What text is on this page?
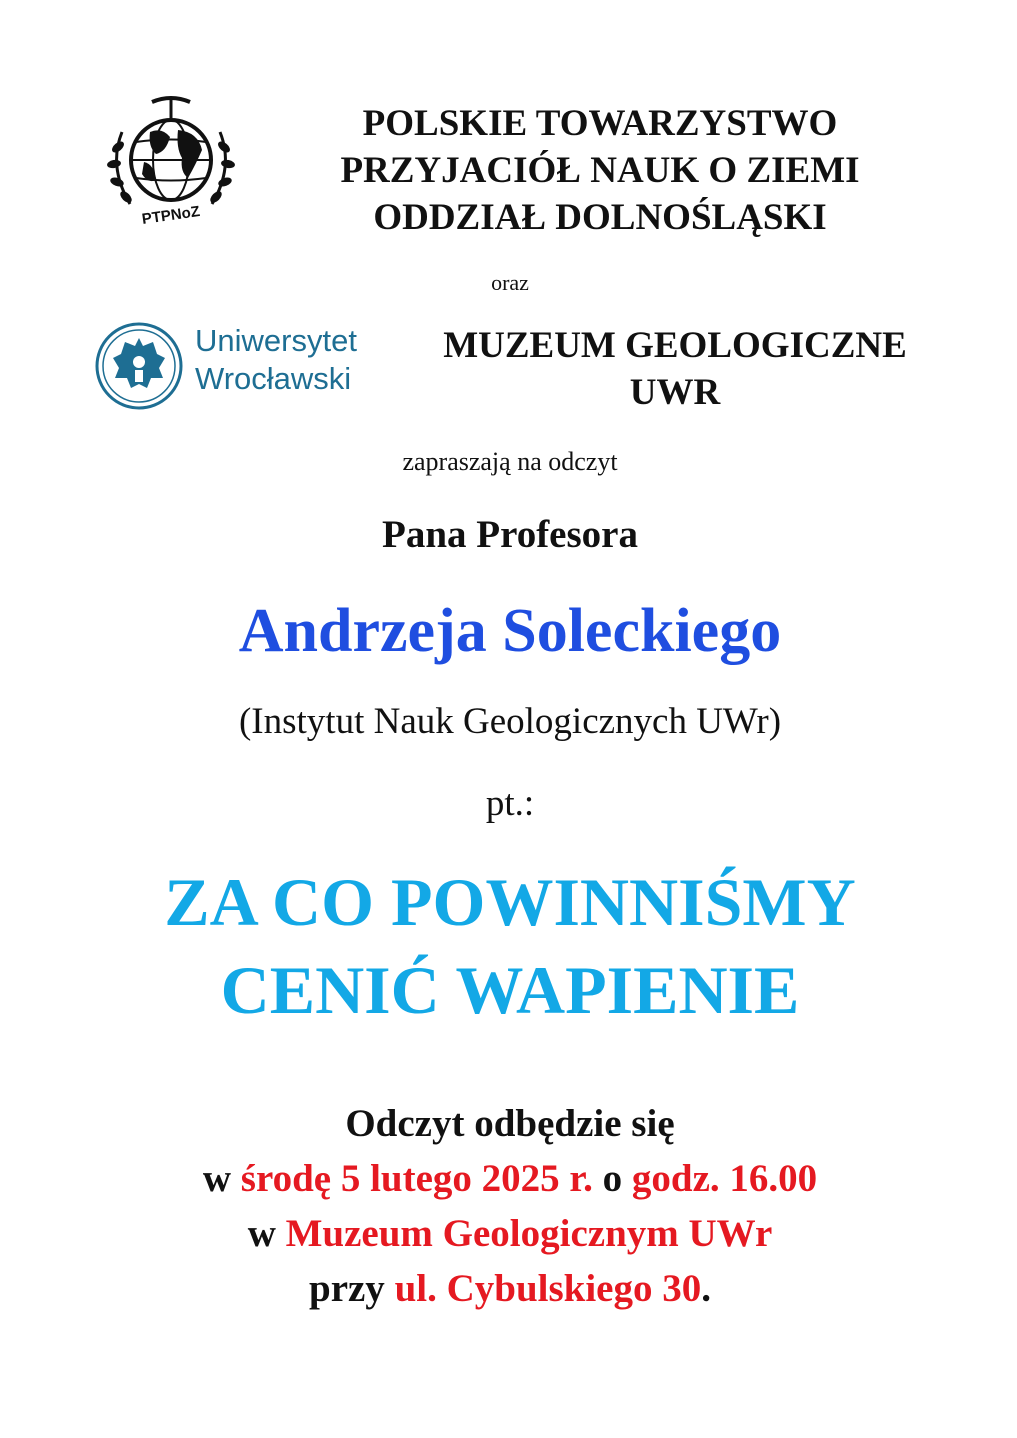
PTPNoZ
POLSKIE TOWARZYSTWO
PRZYJACIÓŁ NAUK O ZIEMI
ODDZIAŁ DOLNOŚLĄSKI
oraz
Uniwersytet
Wrocławski
MUZEUM GEOLOGICZNE
UWR
zapraszają na odczyt
Pana Profesora
Andrzeja Soleckiego
(Instytut Nauk Geologicznych UWr)
pt.:
ZA CO POWINNIŚMY
CENIĆ WAPIENIE
Odczyt odbędzie się
w środę 5 lutego 2025 r. o godz. 16.00
w Muzeum Geologicznym UWr
przy ul. Cybulskiego 30.
